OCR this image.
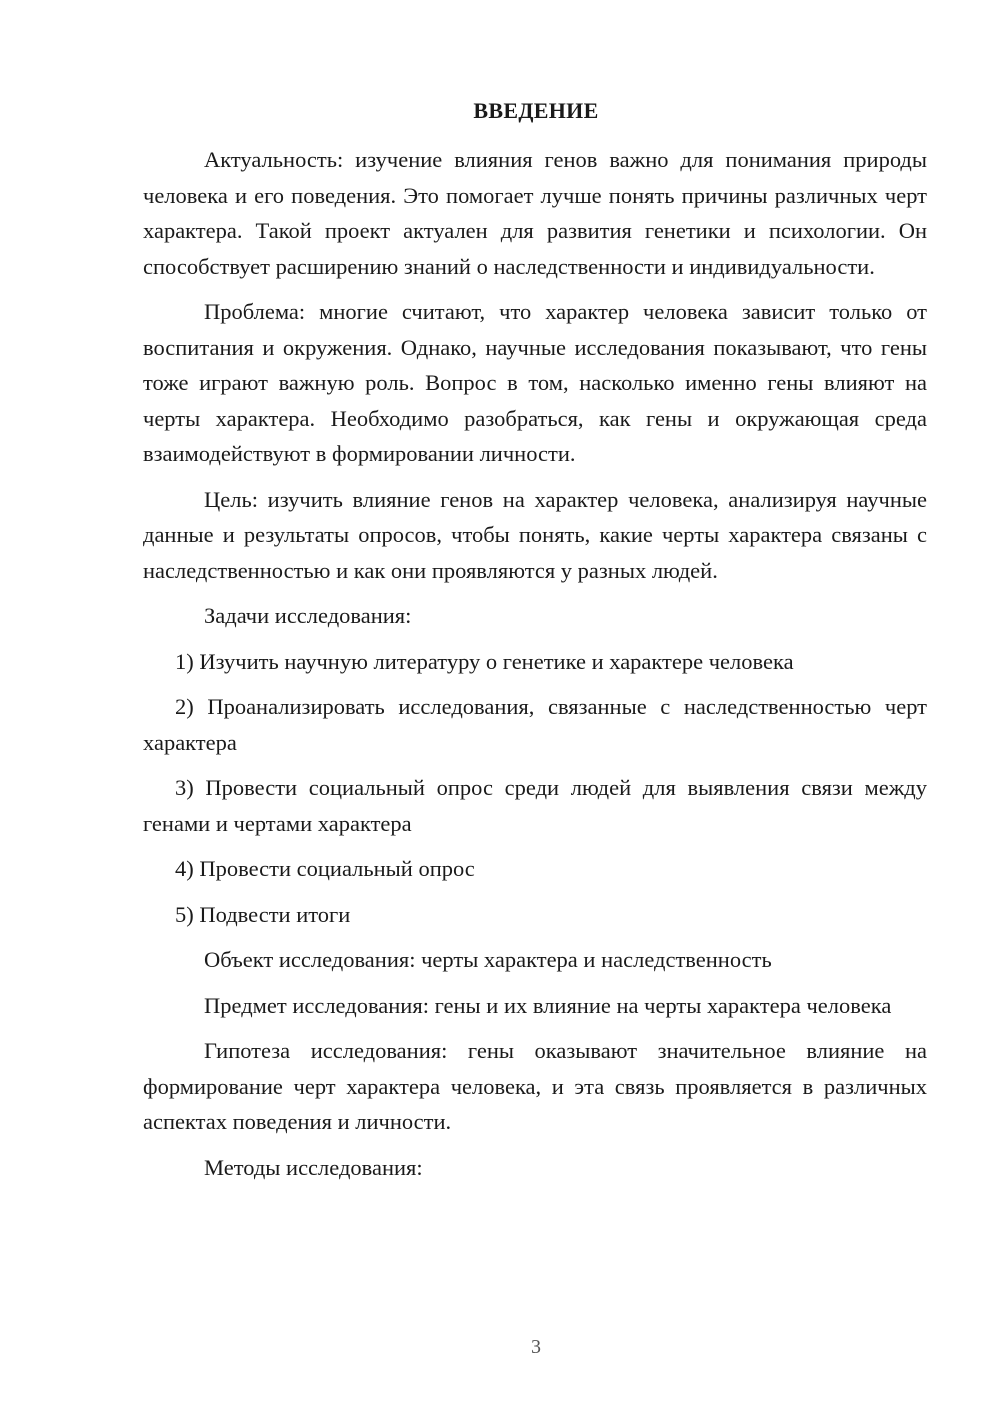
ВВЕДЕНИЕ

Актуальность: изучение влияния генов важно для понимания природы человека и его поведения. Это помогает лучше понять причины различных черт характера. Такой проект актуален для развития генетики и психологии. Он способствует расширению знаний о наследственности и индивидуальности.

Проблема: многие считают, что характер человека зависит только от воспитания и окружения. Однако, научные исследования показывают, что гены тоже играют важную роль. Вопрос в том, насколько именно гены влияют на черты характера. Необходимо разобраться, как гены и окружающая среда взаимодействуют в формировании личности.

Цель: изучить влияние генов на характер человека, анализируя научные данные и результаты опросов, чтобы понять, какие черты характера связаны с наследственностью и как они проявляются у разных людей.

Задачи исследования:

1) Изучить научную литературу о генетике и характере человека

2) Проанализировать исследования, связанные с наследственностью черт характера

3) Провести социальный опрос среди людей для выявления связи между генами и чертами характера

4) Провести социальный опрос

5) Подвести итоги

Объект исследования: черты характера и наследственность

Предмет исследования: гены и их влияние на черты характера человека

Гипотеза исследования: гены оказывают значительное влияние на формирование черт характера человека, и эта связь проявляется в различных аспектах поведения и личности.

Методы исследования:

3
